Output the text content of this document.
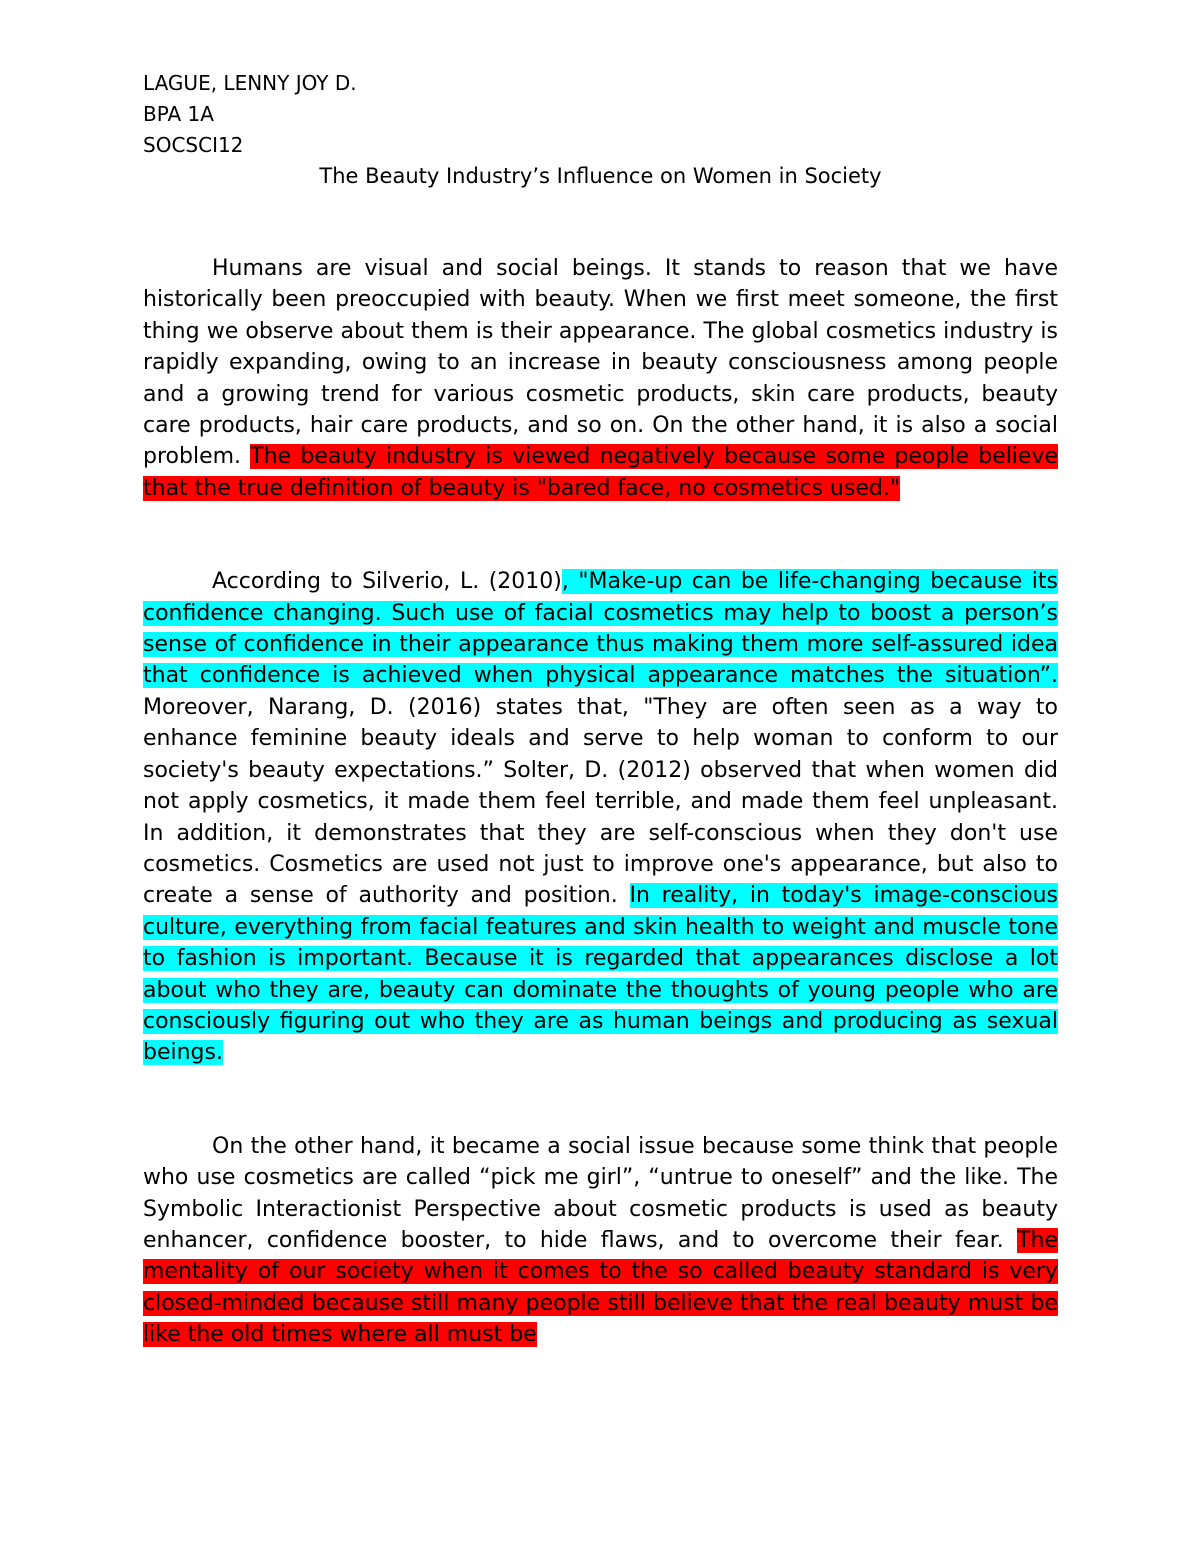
LAGUE, LENNY JOY D.

BPA 1A

SOCSCI12

The Beauty Industry’s Influence on Women in Society

Humans are visual and social beings. It stands to reason that we have historically been preoccupied with beauty. When we first meet someone, the first thing we observe about them is their appearance. The global cosmetics industry is rapidly expanding, owing to an increase in beauty consciousness among people and a growing trend for various cosmetic products, skin care products, beauty care products, hair care products, and so on. On the other hand, it is also a social problem. The beauty industry is viewed negatively because some people believe that the true definition of beauty is "bared face, no cosmetics used."

According to Silverio, L. (2010), "Make-up can be life-changing because its confidence changing. Such use of facial cosmetics may help to boost a person’s sense of confidence in their appearance thus making them more self-assured idea that confidence is achieved when physical appearance matches the situation”. Moreover, Narang, D. (2016) states that, "They are often seen as a way to enhance feminine beauty ideals and serve to help woman to conform to our society's beauty expectations.” Solter, D. (2012) observed that when women did not apply cosmetics, it made them feel terrible, and made them feel unpleasant. In addition, it demonstrates that they are self-conscious when they don't use cosmetics. Cosmetics are used not just to improve one's appearance, but also to create a sense of authority and position. In reality, in today's image-conscious culture, everything from facial features and skin health to weight and muscle tone to fashion is important. Because it is regarded that appearances disclose a lot about who they are, beauty can dominate the thoughts of young people who are consciously figuring out who they are as human beings and producing as sexual beings.

On the other hand, it became a social issue because some think that people who use cosmetics are called “pick me girl”, “untrue to oneself” and the like. The Symbolic Interactionist Perspective about cosmetic products is used as beauty enhancer, confidence booster, to hide flaws, and to overcome their fear. The mentality of our society when it comes to the so called beauty standard is very closed-minded because still many people still believe that the real beauty must be like the old times where all must be
